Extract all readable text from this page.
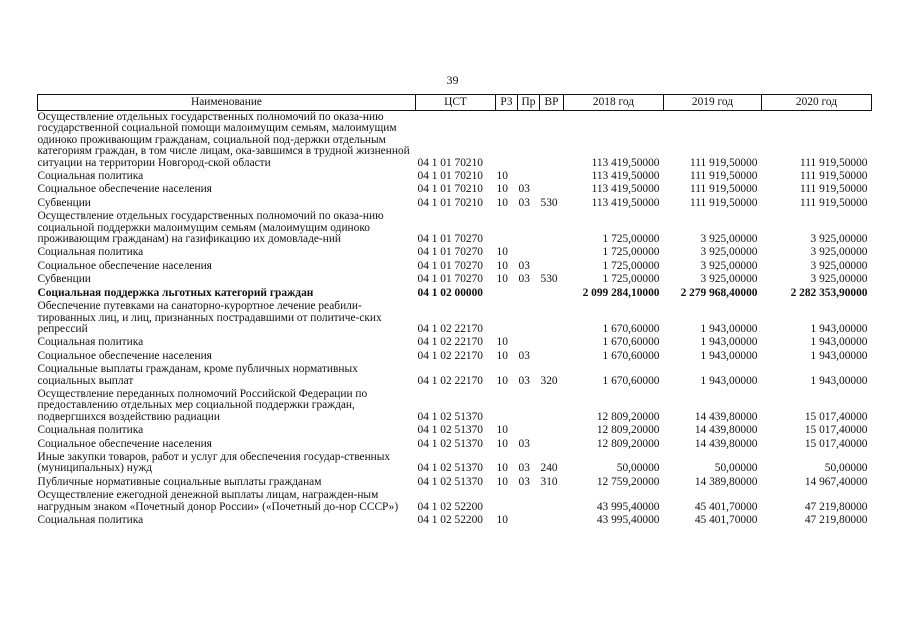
39
Наименование	ЦСТ	РЗ	Пр	ВР	2018 год	2019 год	2020 год
Осуществление отдельных государственных полномочий по оказа-нию государственной социальной помощи малоимущим семьям, малоимущим одиноко проживающим гражданам, социальной под-держки отдельным категориям граждан, в том числе лицам, ока-завшимся в трудной жизненной ситуации на территории Новгород-ской области	04 1 01 70210				113 419,50000	111 919,50000	111 919,50000
Социальная политика	04 1 01 70210	10			113 419,50000	111 919,50000	111 919,50000
Социальное обеспечение населения	04 1 01 70210	10	03		113 419,50000	111 919,50000	111 919,50000
Субвенции	04 1 01 70210	10	03	530	113 419,50000	111 919,50000	111 919,50000
Осуществление отдельных государственных полномочий по оказа-нию социальной поддержки малоимущим семьям (малоимущим одиноко проживающим гражданам) на газификацию их домовладе-ний	04 1 01 70270				1 725,00000	3 925,00000	3 925,00000
Социальная политика	04 1 01 70270	10			1 725,00000	3 925,00000	3 925,00000
Социальное обеспечение населения	04 1 01 70270	10	03		1 725,00000	3 925,00000	3 925,00000
Субвенции	04 1 01 70270	10	03	530	1 725,00000	3 925,00000	3 925,00000
Социальная поддержка льготных категорий граждан	04 1 02 00000				2 099 284,10000	2 279 968,40000	2 282 353,90000
Обеспечение путевками на санаторно-курортное лечение реабили-тированных лиц, и лиц, признанных пострадавшими от политиче-ских репрессий	04 1 02 22170				1 670,60000	1 943,00000	1 943,00000
Социальная политика	04 1 02 22170	10			1 670,60000	1 943,00000	1 943,00000
Социальное обеспечение населения	04 1 02 22170	10	03		1 670,60000	1 943,00000	1 943,00000
Социальные выплаты гражданам, кроме публичных нормативных социальных выплат	04 1 02 22170	10	03	320	1 670,60000	1 943,00000	1 943,00000
Осуществление переданных полномочий Российской Федерации по предоставлению отдельных мер социальной поддержки граждан, подвергшихся воздействию радиации	04 1 02 51370				12 809,20000	14 439,80000	15 017,40000
Социальная политика	04 1 02 51370	10			12 809,20000	14 439,80000	15 017,40000
Социальное обеспечение населения	04 1 02 51370	10	03		12 809,20000	14 439,80000	15 017,40000
Иные закупки товаров, работ и услуг для обеспечения государ-ственных (муниципальных) нужд	04 1 02 51370	10	03	240	50,00000	50,00000	50,00000
Публичные нормативные социальные выплаты гражданам	04 1 02 51370	10	03	310	12 759,20000	14 389,80000	14 967,40000
Осуществление ежегодной денежной выплаты лицам, награжден-ным нагрудным знаком «Почетный донор России» («Почетный до-нор СССР»)	04 1 02 52200				43 995,40000	45 401,70000	47 219,80000
Социальная политика	04 1 02 52200	10			43 995,40000	45 401,70000	47 219,80000
